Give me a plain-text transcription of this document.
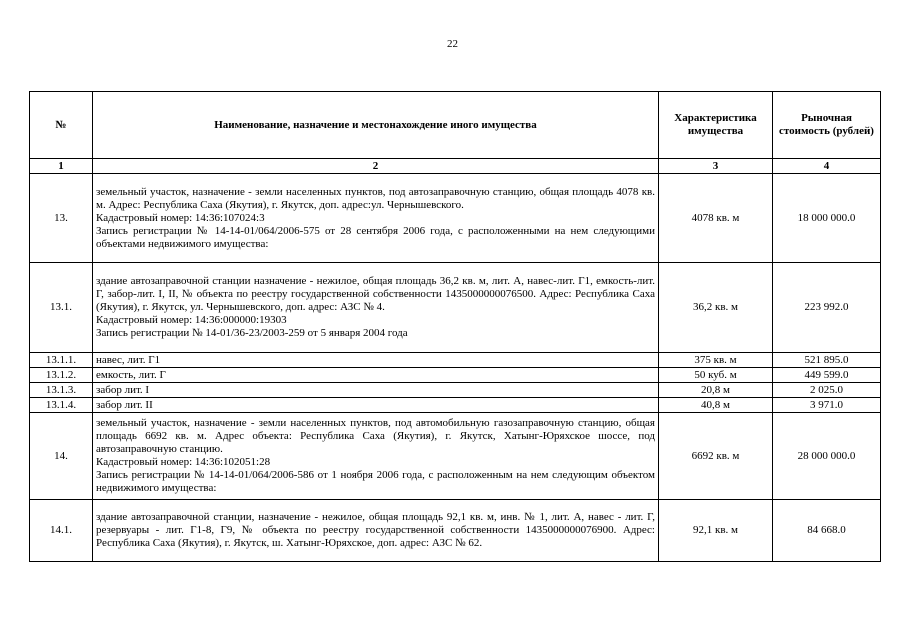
22
№	Наименование, назначение и местонахождение иного имущества	Характеристика имущества	Рыночная стоимость (рублей)
1	2	3	4
13.	земельный участок, назначение - земли населенных пунктов, под автозаправочную станцию, общая площадь 4078 кв. м. Адрес: Республика Саха (Якутия), г. Якутск, доп. адрес:ул. Чернышевского.
Кадастровый номер: 14:36:107024:3
Запись регистрации № 14-14-01/064/2006-575 от 28 сентября 2006 года, с расположенными на нем следующими объектами недвижимого имущества:	4078 кв. м	18 000 000.0
13.1.	здание автозаправочной станции назначение - нежилое, общая площадь 36,2 кв. м, лит. А, навес-лит. Г1, емкость-лит. Г, забор-лит. I, II, № объекта по реестру государственной собственности 1435000000076500. Адрес: Республика Саха (Якутия), г. Якутск, ул. Чернышевского, доп. адрес: АЗС № 4.
Кадастровый номер: 14:36:000000:19303
Запись регистрации № 14-01/36-23/2003-259 от 5 января 2004 года	36,2 кв. м	223 992.0
13.1.1.	навес, лит. Г1	375 кв. м	521 895.0
13.1.2.	емкость, лит. Г	50 куб. м	449 599.0
13.1.3.	забор лит. I	20,8 м	2 025.0
13.1.4.	забор лит. II	40,8 м	3 971.0
14.	земельный участок, назначение - земли населенных пунктов, под автомобильную газозаправочную станцию, общая площадь 6692 кв. м. Адрес объекта: Республика Саха (Якутия), г. Якутск, Хатынг-Юряхское шоссе, под автозаправочную станцию.
Кадастровый номер: 14:36:102051:28
Запись регистрации № 14-14-01/064/2006-586 от 1 ноября 2006 года, с расположенным на нем следующим объектом недвижимого имущества:	6692 кв. м	28 000 000.0
14.1.	здание автозаправочной станции, назначение - нежилое, общая площадь 92,1 кв. м, инв. № 1, лит. А, навес - лит. Г, резервуары - лит. Г1-8, Г9, № объекта по реестру государственной собственности 1435000000076900. Адрес: Республика Саха (Якутия), г. Якутск, ш. Хатынг-Юряхское, доп. адрес: АЗС № 62.	92,1 кв. м	84 668.0
